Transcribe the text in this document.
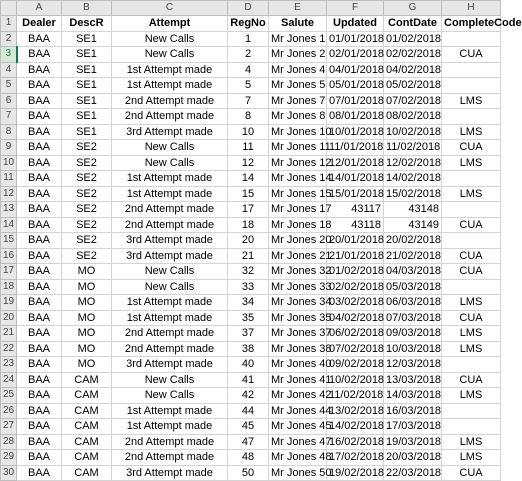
	A	B	C	D	E	F	G	H
1	Dealer	DescR	Attempt	RegNo	Salute	Updated	ContDate	CompleteCode
2	BAA	SE1	New Calls	1	Mr Jones 1	01/01/2018	01/02/2018	
3	BAA	SE1	New Calls	2	Mr Jones 2	02/01/2018	02/02/2018	CUA
4	BAA	SE1	1st Attempt made	4	Mr Jones 4	04/01/2018	04/02/2018	
5	BAA	SE1	1st Attempt made	5	Mr Jones 5	05/01/2018	05/02/2018	
6	BAA	SE1	2nd Attempt made	7	Mr Jones 7	07/01/2018	07/02/2018	LMS
7	BAA	SE1	2nd Attempt made	8	Mr Jones 8	08/01/2018	08/02/2018	
8	BAA	SE1	3rd Attempt made	10	Mr Jones 10	10/01/2018	10/02/2018	LMS
9	BAA	SE2	New Calls	11	Mr Jones 11	11/01/2018	11/02/2018	CUA
10	BAA	SE2	New Calls	12	Mr Jones 12	12/01/2018	12/02/2018	LMS
11	BAA	SE2	1st Attempt made	14	Mr Jones 14	14/01/2018	14/02/2018	
12	BAA	SE2	1st Attempt made	15	Mr Jones 15	15/01/2018	15/02/2018	LMS
13	BAA	SE2	2nd Attempt made	17	Mr Jones 17	43117	43148	
14	BAA	SE2	2nd Attempt made	18	Mr Jones 18	43118	43149	CUA
15	BAA	SE2	3rd Attempt made	20	Mr Jones 20	20/01/2018	20/02/2018	
16	BAA	SE2	3rd Attempt made	21	Mr Jones 21	21/01/2018	21/02/2018	CUA
17	BAA	MO	New Calls	32	Mr Jones 32	01/02/2018	04/03/2018	CUA
18	BAA	MO	New Calls	33	Mr Jones 33	02/02/2018	05/03/2018	
19	BAA	MO	1st Attempt made	34	Mr Jones 34	03/02/2018	06/03/2018	LMS
20	BAA	MO	1st Attempt made	35	Mr Jones 35	04/02/2018	07/03/2018	CUA
21	BAA	MO	2nd Attempt made	37	Mr Jones 37	06/02/2018	09/03/2018	LMS
22	BAA	MO	2nd Attempt made	38	Mr Jones 38	07/02/2018	10/03/2018	LMS
23	BAA	MO	3rd Attempt made	40	Mr Jones 40	09/02/2018	12/03/2018	
24	BAA	CAM	New Calls	41	Mr Jones 41	10/02/2018	13/03/2018	CUA
25	BAA	CAM	New Calls	42	Mr Jones 42	11/02/2018	14/03/2018	LMS
26	BAA	CAM	1st Attempt made	44	Mr Jones 44	13/02/2018	16/03/2018	
27	BAA	CAM	1st Attempt made	45	Mr Jones 45	14/02/2018	17/03/2018	
28	BAA	CAM	2nd Attempt made	47	Mr Jones 47	16/02/2018	19/03/2018	LMS
29	BAA	CAM	2nd Attempt made	48	Mr Jones 48	17/02/2018	20/03/2018	LMS
30	BAA	CAM	3rd Attempt made	50	Mr Jones 50	19/02/2018	22/03/2018	CUA
